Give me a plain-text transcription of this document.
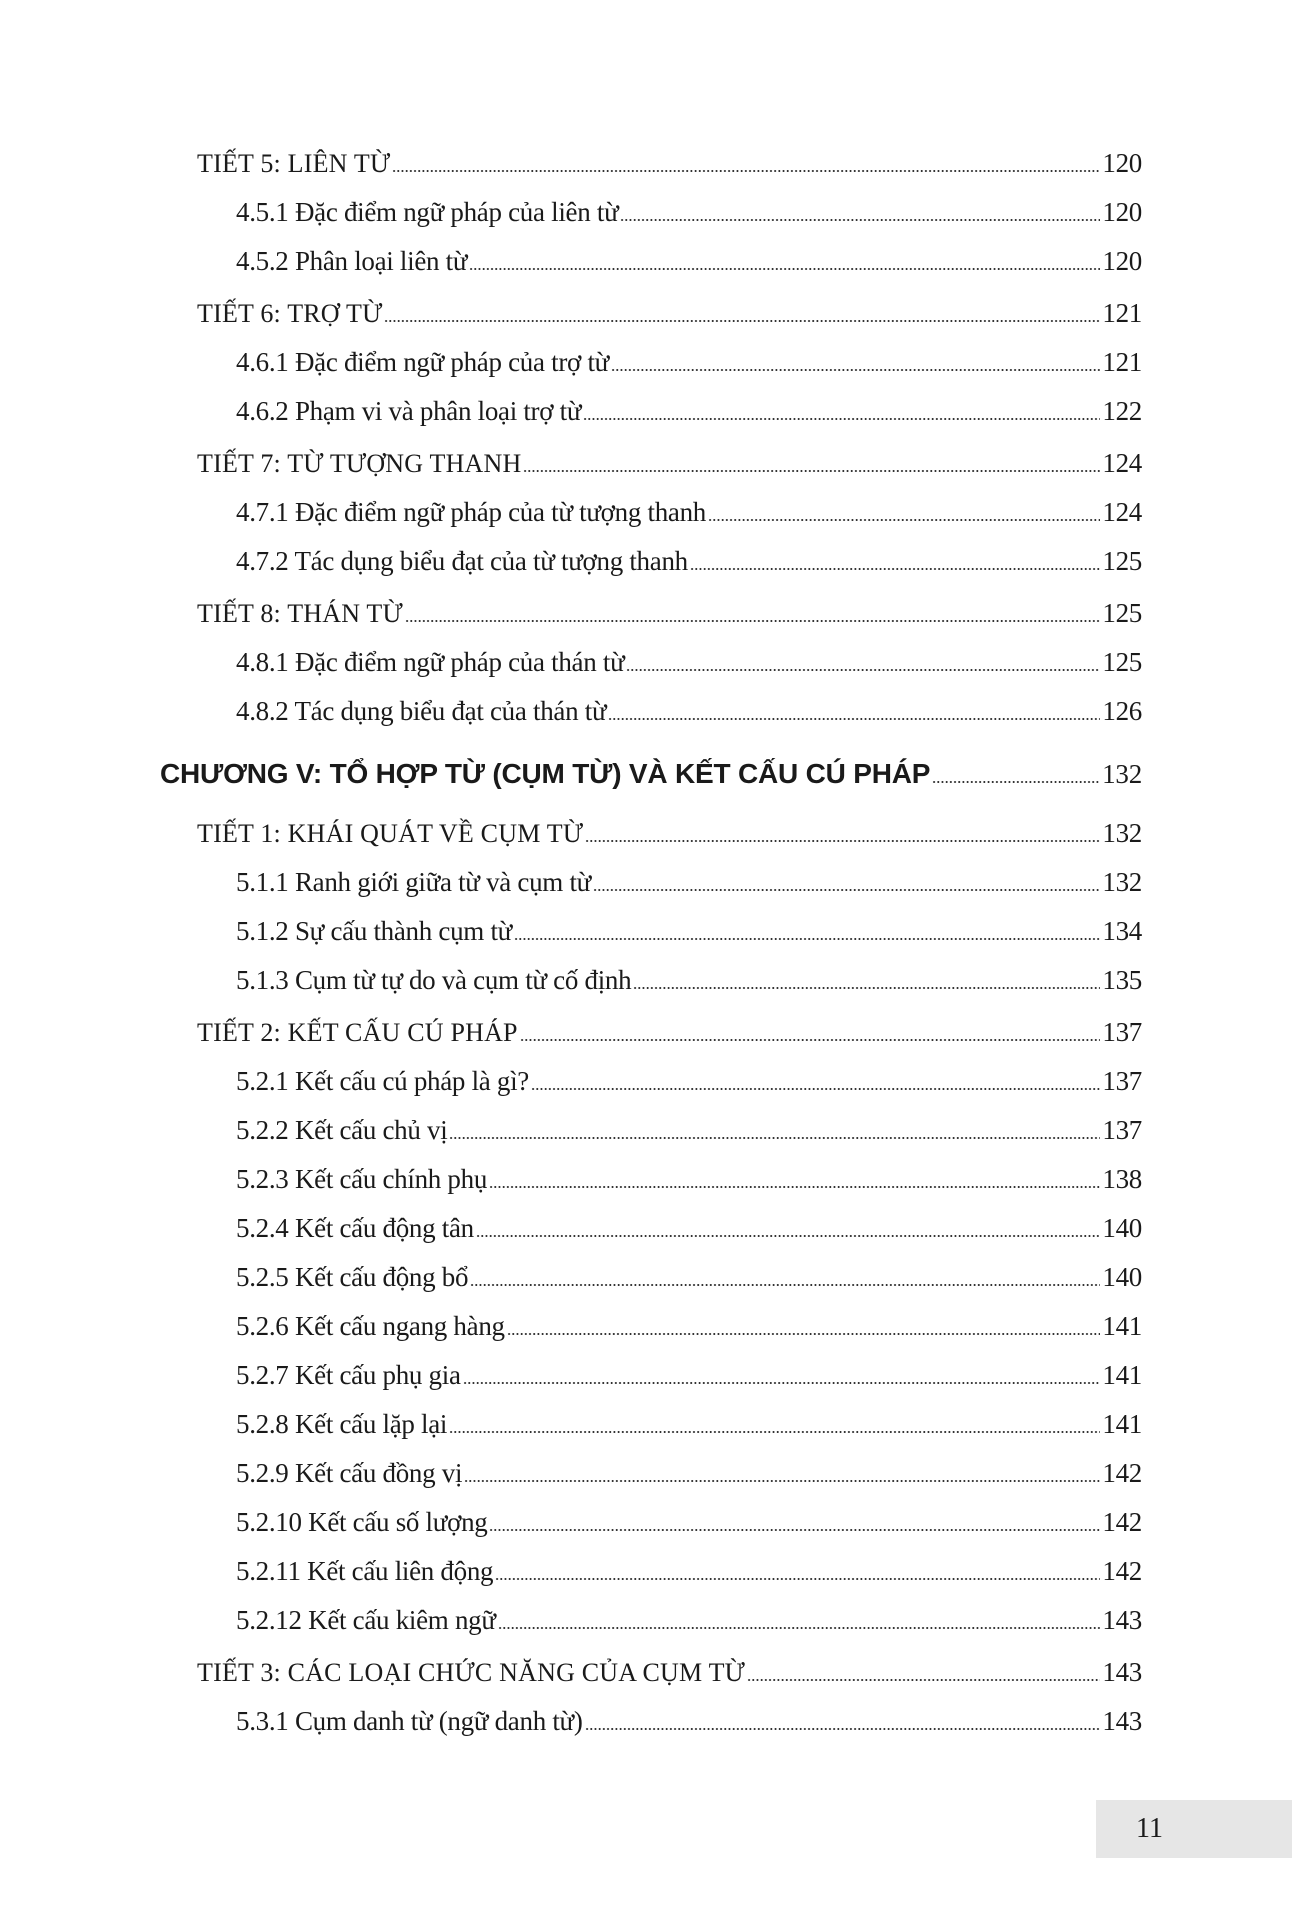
TIẾT 5: LIÊN TỪ	120
4.5.1 Đặc điểm ngữ pháp của liên từ	120
4.5.2 Phân loại liên từ	120
TIẾT 6: TRỢ TỪ	121
4.6.1 Đặc điểm ngữ pháp của trợ từ	121
4.6.2 Phạm vi và phân loại trợ từ	122
TIẾT 7: TỪ TƯỢNG THANH	124
4.7.1 Đặc điểm ngữ pháp của từ tượng thanh	124
4.7.2 Tác dụng biểu đạt của từ tượng thanh	125
TIẾT 8: THÁN TỪ	125
4.8.1 Đặc điểm ngữ pháp của thán từ	125
4.8.2 Tác dụng biểu đạt của thán từ	126
CHƯƠNG V: TỔ HỢP TỪ (CỤM TỪ) VÀ KẾT CẤU CÚ PHÁP	132
TIẾT 1: KHÁI QUÁT VỀ CỤM TỪ	132
5.1.1 Ranh giới giữa từ và cụm từ	132
5.1.2 Sự cấu thành cụm từ	134
5.1.3 Cụm từ tự do và cụm từ cố định	135
TIẾT 2: KẾT CẤU CÚ PHÁP	137
5.2.1 Kết cấu cú pháp là gì?	137
5.2.2 Kết cấu chủ vị	137
5.2.3 Kết cấu chính phụ	138
5.2.4 Kết cấu động tân	140
5.2.5 Kết cấu động bổ	140
5.2.6 Kết cấu ngang hàng	141
5.2.7 Kết cấu phụ gia	141
5.2.8 Kết cấu lặp lại	141
5.2.9 Kết cấu đồng vị	142
5.2.10 Kết cấu số lượng	142
5.2.11 Kết cấu liên động	142
5.2.12 Kết cấu kiêm ngữ	143
TIẾT 3: CÁC LOẠI CHỨC NĂNG CỦA CỤM TỪ	143
5.3.1 Cụm danh từ (ngữ danh từ)	143
11
